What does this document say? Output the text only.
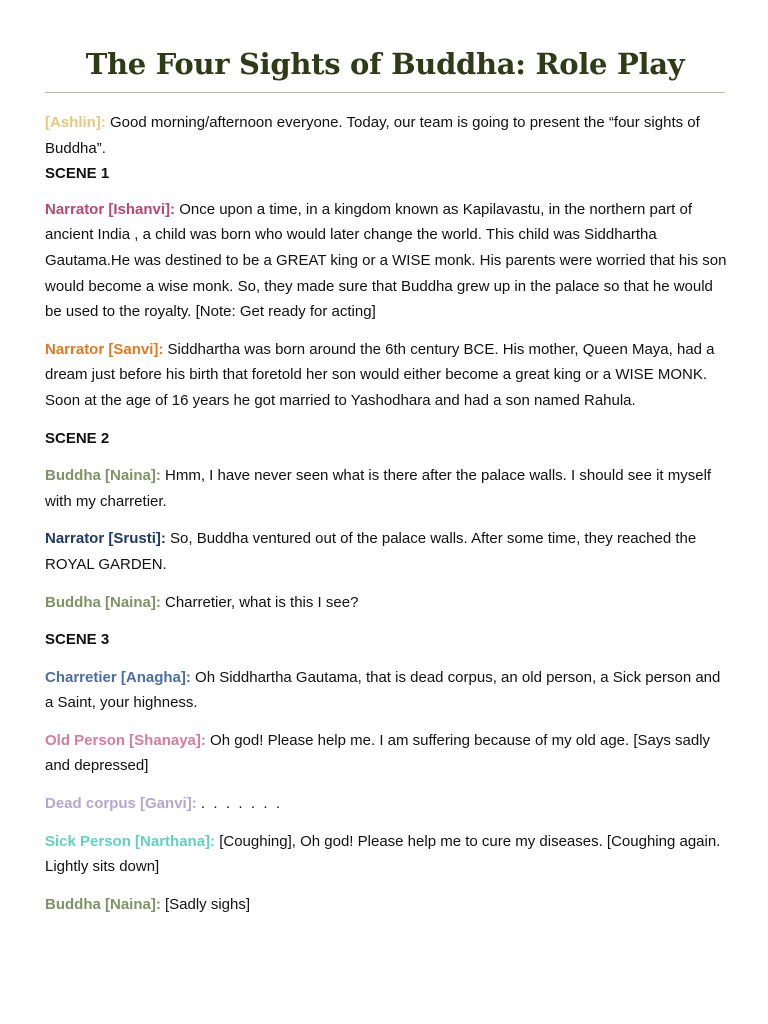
The Four Sights of Buddha: Role Play

[Ashlin]: Good morning/afternoon everyone. Today, our team is going to present the “four sights of Buddha”.

SCENE 1

Narrator [Ishanvi]: Once upon a time, in a kingdom known as Kapilavastu, in the northern part of ancient India , a child was born who would later change the world. This child was Siddhartha Gautama.He was destined to be a GREAT king or a WISE monk. His parents were worried that his son would become a wise monk. So, they made sure that Buddha grew up in the palace so that he would be used to the royalty. [Note: Get ready for acting]

Narrator [Sanvi]: Siddhartha was born around the 6th century BCE. His mother, Queen Maya, had a dream just before his birth that foretold her son would either become a great king or a WISE MONK. Soon at the age of 16 years he got married to Yashodhara and had a son named Rahula.

SCENE 2

Buddha [Naina]: Hmm, I have never seen what is there after the palace walls. I should see it myself with my charretier.

Narrator [Srusti]: So, Buddha ventured out of the palace walls. After some time, they reached the ROYAL GARDEN.

Buddha [Naina]: Charretier, what is this I see?

SCENE 3

Charretier [Anagha]: Oh Siddhartha Gautama, that is dead corpus, an old person, a Sick person and a Saint, your highness.

Old Person [Shanaya]: Oh god! Please help me. I am suffering because of my old age. [Says sadly and depressed]

Dead corpus [Ganvi]: .  .  .  .  .  .  .

Sick Person [Narthana]: [Coughing], Oh god! Please help me to cure my diseases. [Coughing again. Lightly sits down]

Buddha [Naina]: [Sadly sighs]
